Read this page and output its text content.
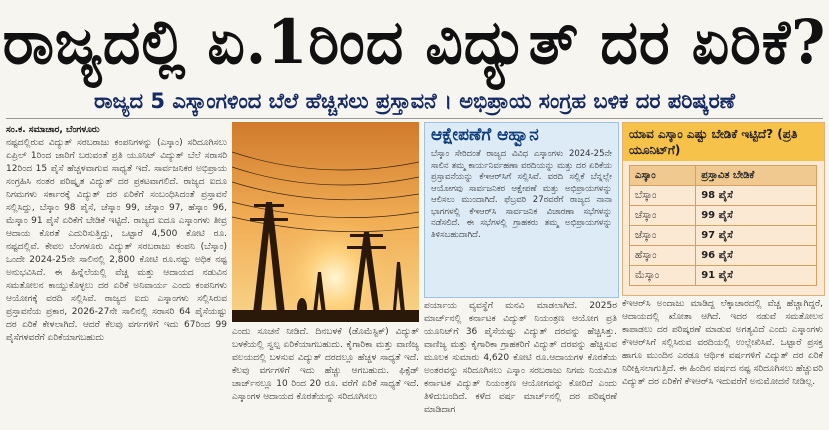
ರಾಜ್ಯದಲ್ಲಿ ಏ.1ರಿಂದ ವಿದ್ಯುತ್ ದರ ಏರಿಕೆ?
ರಾಜ್ಯದ 5 ಎಸ್ಕಾಂಗಳಿಂದ ಬೆಲೆ ಹೆಚ್ಚಿಸಲು ಪ್ರಸ್ತಾವನೆ । ಅಭಿಪ್ರಾಯ ಸಂಗ್ರಹ ಬಳಿಕ ದರ ಪರಿಷ್ಕರಣೆ

ಸಂ.ಕ. ಸಮಾಚಾರ, ಬೆಂಗಳೂರು

ನಷ್ಟದಲ್ಲಿರುವ ವಿದ್ಯುತ್ ಸರಬರಾಜು ಕಂಪನಿಗಳನ್ನು (ಎಸ್ಕಾಂ) ಸರಿದೂಗಿಸಲು ಏಪ್ರಿಲ್ 1ರಿಂದ ಜಾರಿಗೆ ಬರುವಂತೆ ಪ್ರತಿ ಯೂನಿಟ್ ವಿದ್ಯುತ್ ಬೆಲೆ ಸರಾಸರಿ 12ರಿಂದ 15 ಪೈಸೆ ಹೆಚ್ಚಳವಾಗುವ ಸಾಧ್ಯತೆ ಇದೆ. ಸಾರ್ವಜನಿಕರ ಅಭಿಪ್ರಾಯ ಸಂಗ್ರಹಿಸಿ ನಂತರ ಪರಿಷ್ಕೃತ ವಿದ್ಯುತ್ ದರ ಪ್ರಕಟವಾಗಲಿದೆ. ರಾಜ್ಯದ ಐದೂ ನಿಗಮಗಳು ಸರ್ಕಾರಕ್ಕೆ ವಿದ್ಯುತ್ ದರ ಏರಿಕೆಗೆ ಸಂಬಂಧಿಸಿದಂತೆ ಪ್ರಸ್ತಾವನೆ ಸಲ್ಲಿಸಿದ್ದು, ಬೆಸ್ಕಾಂ 98 ಪೈಸೆ, ಚೆಸ್ಕಾಂ 99, ಜೆಸ್ಕಾಂ 97, ಹೆಸ್ಕಾಂ 96, ಮೆಸ್ಕಾಂ 91 ಪೈಸೆ ಏರಿಕೆಗೆ ಬೇಡಿಕೆ ಇಟ್ಟಿದೆ. ರಾಜ್ಯದ ಐದೂ ಎಸ್ಕಾಂಗಳು ತೀವ್ರ ಆದಾಯ ಕೊರತೆ ಎದುರಿಸುತ್ತಿದ್ದು, ಒಟ್ಟಾರೆ 4,500 ಕೋಟಿ ರೂ. ನಷ್ಟದಲ್ಲಿವೆ. ಕೇವಲ ಬೆಂಗಳೂರು ವಿದ್ಯುತ್ ಸರಬರಾಜು ಕಂಪನಿ (ಬೆಸ್ಕಾಂ) ಒಂದೇ 2024-25ನೇ ಸಾಲಿನಲ್ಲಿ 2,800 ಕೋಟಿ ರೂ.ನಷ್ಟು ಅಧಿಕ ನಷ್ಟ ಅನುಭವಿಸಿದೆ. ಈ ಹಿನ್ನೆಲೆಯಲ್ಲಿ ವೆಚ್ಚ ಮತ್ತು ಆದಾಯದ ನಡುವಿನ ಸಮತೋಲನ ಕಾಯ್ದುಕೊಳ್ಳಲು ದರ ಏರಿಕೆ ಅನಿವಾರ್ಯ ಎಂದು ಕಂಪನಿಗಳು ಆಯೋಗಕ್ಕೆ ವರದಿ ಸಲ್ಲಿಸಿವೆ. ರಾಜ್ಯದ ಐದು ಎಸ್ಕಾಂಗಳು ಸಲ್ಲಿಸಿರುವ ಪ್ರಸ್ತಾವನೆಯ ಪ್ರಕಾರ, 2026-27ನೇ ಸಾಲಿನಲ್ಲಿ ಸರಾಸರಿ 64 ಪೈಸೆಯಷ್ಟು ದರ ಏರಿಕೆ ಕೇಳಲಾಗಿದೆ. ಆದರೆ ಕೆಲವು ವರ್ಗಗಳಿಗೆ ಇದು 67ರಿಂದ 99 ಪೈಸೆಗಳವರೆಗೆ ಏರಿಕೆಯಾಗಬಹುದು

ಎಂದು ಸೂಚನೆ ನೀಡಿದೆ. ದಿನಬಳಕೆ (ಡೊಮೆಸ್ಟಿಕ್) ವಿದ್ಯುತ್ ಬಳಕೆಯಲ್ಲಿ ಸ್ವಲ್ಪ ಏರಿಕೆಯಾಗಬಹುದು. ಕೈಗಾರಿಕಾ ಮತ್ತು ವಾಣಿಜ್ಯ ವಲಯದಲ್ಲಿ ಬಳಸುವ ವಿದ್ಯುತ್ ದರದಲ್ಲೂ ಹೆಚ್ಚಳ ಸಾಧ್ಯತೆ ಇದೆ. ಕೆಲವು ವರ್ಗಗಳಿಗೆ ಇದು ಹೆಚ್ಚು ಆಗಬಹುದು. ಫಿಕ್ಸೆಡ್ ಚಾರ್ಜ್‌ನಲ್ಲೂ 10 ರಿಂದ 20 ರೂ. ವರೆಗೆ ಏರಿಕೆ ಸಾಧ್ಯತೆ ಇದೆ. ಎಸ್ಕಾಂಗಳ ಆದಾಯದ ಕೊರತೆಯನ್ನು ಸರಿದೂಗಿಸಲು

ಆಕ್ಷೇಪಣೆಗೆ ಆಹ್ವಾನ
ಬೆಸ್ಕಾಂ ಸೇರಿದಂತೆ ರಾಜ್ಯದ ವಿವಿಧ ಎಸ್ಕಾಂಗಳು 2024-25ನೇ ಸಾಲಿನ ತಮ್ಮ ಕಾರ್ಯನಿರ್ವಹಣಾ ವರದಿಯನ್ನು ಮತ್ತು ದರ ಏರಿಕೆಯ ಪ್ರಸ್ತಾವನೆಯನ್ನು ಕೆಇಆರ್‌ಸಿಗೆ ಸಲ್ಲಿಸಿವೆ. ವರದಿ ಸಲ್ಲಿಕೆ ಬೆನ್ನಲ್ಲೇ ಆಯೋಗವು ಸಾರ್ವಜನಿಕರ ಆಕ್ಷೇಪಣೆ ಮತ್ತು ಅಭಿಪ್ರಾಯಗಳನ್ನು ಆಲಿಸಲು ಮುಂದಾಗಿದೆ. ಫೆಬ್ರವರಿ 27ರವರೆಗೆ ರಾಜ್ಯದ ನಾನಾ ಭಾಗಗಳಲ್ಲಿ ಕೆಇಆರ್‌ಸಿ ಸಾರ್ವಜನಿಕ ವಿಚಾರಣಾ ಸಭೆಗಳನ್ನು ನಡೆಸಲಿದೆ. ಈ ಸಭೆಗಳಲ್ಲಿ ಗ್ರಾಹಕರು ತಮ್ಮ ಅಭಿಪ್ರಾಯಗಳನ್ನು ತಿಳಿಸಬಹುದಾಗಿದೆ.

ಪರ್ಯಾಯ ವ್ಯವಸ್ಥೆಗೆ ಮನವಿ ಮಾಡಲಾಗಿದೆ. 2025ರ ಮಾರ್ಚ್‌ನಲ್ಲಿ ಕರ್ನಾಟಕ ವಿದ್ಯುತ್ ನಿಯಂತ್ರಣ ಆಯೋಗ ಪ್ರತಿ ಯೂನಿಟ್‌ಗೆ 36 ಪೈಸೆಯಷ್ಟು ವಿದ್ಯುತ್ ದರವನ್ನು ಹೆಚ್ಚಿಸಿತ್ತು. ವಾಣಿಜ್ಯ ಮತ್ತು ಕೈಗಾರಿಕಾ ಗ್ರಾಹಕರಿಗೆ ವಿದ್ಯುತ್ ದರವನ್ನು ಹೆಚ್ಚಿಸುವ ಮೂಲಕ ಸುಮಾರು 4,620 ಕೋಟಿ ರೂ.ಆದಾಯಗಳ ಕೊರತೆಯ ಅಂತರವನ್ನು ಸರಿದೂಗಿಸಲು ಎಸ್ಕಾಂ ಸರಬರಾಜು ನಿಗಮ ನಿಯಮಿತ ಕರ್ನಾಟಕ ವಿದ್ಯುತ್ ನಿಯಂತ್ರಣ ಆಯೋಗವನ್ನು ಕೋರಿದೆ ಎಂದು ತಿಳಿದುಬಂದಿದೆ. ಕಳೆದ ವರ್ಷ ಮಾರ್ಚ್‌ನಲ್ಲಿ ದರ ಪರಿಷ್ಕರಣೆ ಮಾಡಿದಾಗ

ಯಾವ ಎಸ್ಕಾಂ ಎಷ್ಟು ಬೇಡಿಕೆ ಇಟ್ಟಿದೆ? (ಪ್ರತಿ ಯೂನಿಟ್‌ಗೆ)
ಎಸ್ಕಾಂ	ಪ್ರಸ್ತಾವಿತ ಬೇಡಿಕೆ
ಬೆಸ್ಕಾಂ	98 ಪೈಸೆ
ಚೆಸ್ಕಾಂ	99 ಪೈಸೆ
ಜೆಸ್ಕಾಂ	97 ಪೈಸೆ
ಹೆಸ್ಕಾಂ	96 ಪೈಸೆ
ಮೆಸ್ಕಾಂ	91 ಪೈಸೆ

ಕೆಇಆರ್‌ಸಿ ಅಂದಾಜು ಮಾಡಿದ್ದ ಲೆಕ್ಕಾಚಾರದಲ್ಲಿ ವೆಚ್ಚ ಹೆಚ್ಚಾಗಿದ್ದರೆ, ಆದಾಯದಲ್ಲಿ ಖೋತಾ ಆಗಿದೆ. ಇದರ ನಡುವೆ ಸಮತೋಲನ ಕಾಪಾಡಲು ದರ ಪರಿಷ್ಕರಣೆ ಮಾಡುವ ಅಗತ್ಯವಿದೆ ಎಂದು ಎಸ್ಕಾಂಗಳು ಕೆಇಆರ್‌ಸಿಗೆ ಸಲ್ಲಿಸಿರುವ ವರದಿಯಲ್ಲಿ ಉಲ್ಲೇಖಿಸಿವೆ. ಒಟ್ಟಾರೆ ಪ್ರಸಕ್ತ ಹಾಗೂ ಮುಂದಿನ ಎರಡೂ ಆರ್ಥಿಕ ವರ್ಷಗಳಿಗೆ ವಿದ್ಯುತ್ ದರ ಏರಿಕೆ ನಿರೀಕ್ಷಿಸಲಾಗುತ್ತಿದೆ. ಈ ಹಿಂದಿನ ವರ್ಷದ ನಷ್ಟ ಸರಿದೂಗಿಸಲು ಹೆಚ್ಚುವರಿ ವಿದ್ಯುತ್ ದರ ಏರಿಕೆಗೆ ಕೆಇಆರ್‌ಸಿ ಇದುವರೆಗೆ ಅನುಮೋದನೆ ನೀಡಿಲ್ಲ.
